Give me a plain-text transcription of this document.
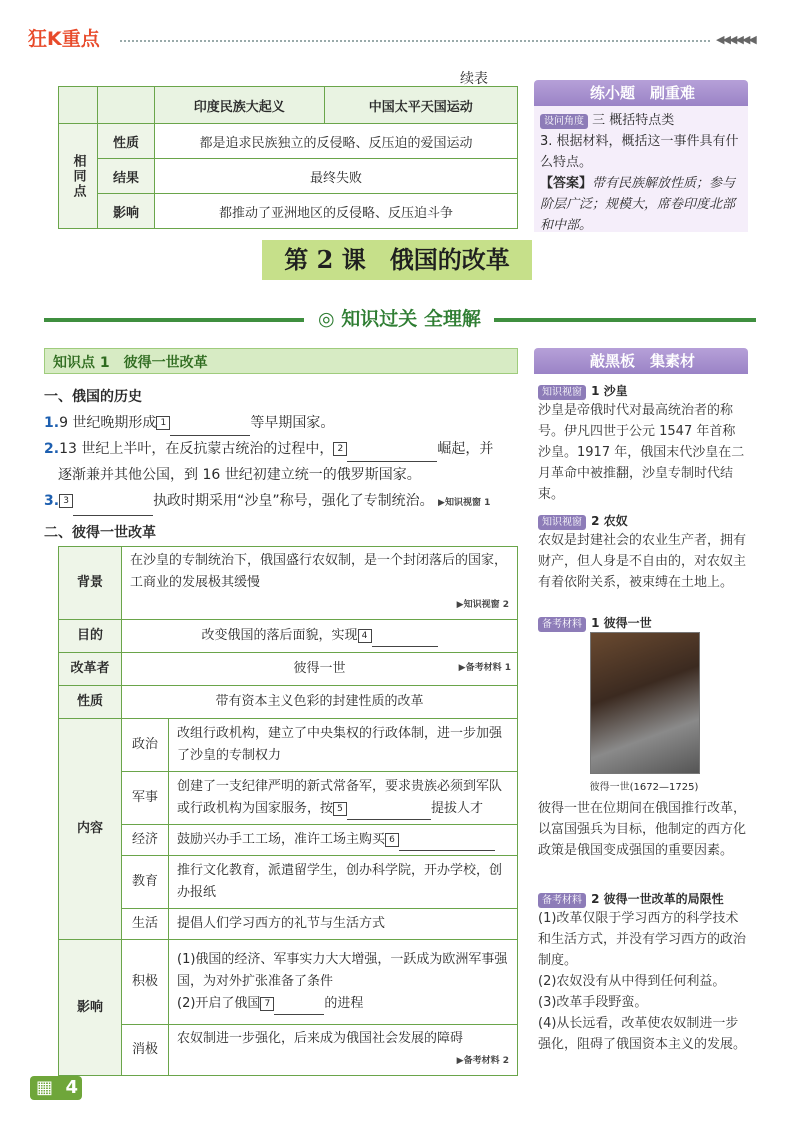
狂K重点	◀◀◀◀◀◀
续表
		印度民族大起义	中国太平天国运动
相同点	性质	都是追求民族独立的反侵略、反压迫的爱国运动	
	结果	最终失败	
	影响	都推动了亚洲地区的反侵略、反压迫斗争	
练小题　刷重难
设问角度 三 概括特点类
3. 根据材料，概括这一事件具有什么特点。
【答案】带有民族解放性质；参与阶层广泛；规模大，席卷印度北部和中部。
第 2 课　俄国的改革
◎ 知识过关 全理解
知识点 1　彼得一世改革
一、俄国的历史
1.9 世纪晚期形成 1	等早期国家。
2.13 世纪上半叶，在反抗蒙古统治的过程中， 2	崛起，并
逐渐兼并其他公国，到 16 世纪初建立统一的俄罗斯国家。
3. 3	执政时期采用“沙皇”称号，强化了专制统治。 ▶知识视窗 1
二、彼得一世改革
背景	在沙皇的专制统治下，俄国盛行农奴制，是一个封闭落后的国家，工商业的发展极其缓慢
▶知识视窗 2	

目的	改变俄国的落后面貌，实现 4	
改革者	彼得一世 ▶备考材料 1	

性质	带有资本主义色彩的封建性质的改革	
内容	政治	改组行政机构，建立了中央集权的行政体制，进一步加强了沙皇的专制权力
	军事	创建了一支纪律严明的新式常备军，要求贵族必须到军队或行政机构为国家服务，按 5 提拔人才
	经济	鼓励兴办手工工场，准许工场主购买 6
	教育	推行文化教育，派遣留学生，创办科学院，开办学校，创办报纸
	生活	提倡人们学习西方的礼节与生活方式
影响	积极	(1)俄国的经济、军事实力大大增强，一跃成为欧洲军事强国，为对外扩张准备了条件
(2)开启了俄国 7 的进程

	消极	农奴制进一步强化，后来成为俄国社会发展的障碍
▶备考材料 2
敲黑板　集素材
知识视窗 1 沙皇
沙皇是帝俄时代对最高统治者的称号。伊凡四世于公元 1547 年首称沙皇。1917 年，俄国末代沙皇在二月革命中被推翻，沙皇专制时代结束。
知识视窗 2 农奴
农奴是封建社会的农业生产者，拥有财产，但人身是不自由的，对农奴主有着依附关系，被束缚在土地上。
备考材料 1 彼得一世
彼得一世(1672—1725)
彼得一世在位期间在俄国推行改革，以富国强兵为目标，他制定的西方化政策是俄国变成强国的重要因素。
备考材料 2 彼得一世改革的局限性
(1)改革仅限于学习西方的科学技术和生活方式，并没有学习西方的政治制度。
(2)农奴没有从中得到任何利益。
(3)改革手段野蛮。
(4)从长远看，改革使农奴制进一步强化，阻碍了俄国资本主义的发展。
▦ 4
